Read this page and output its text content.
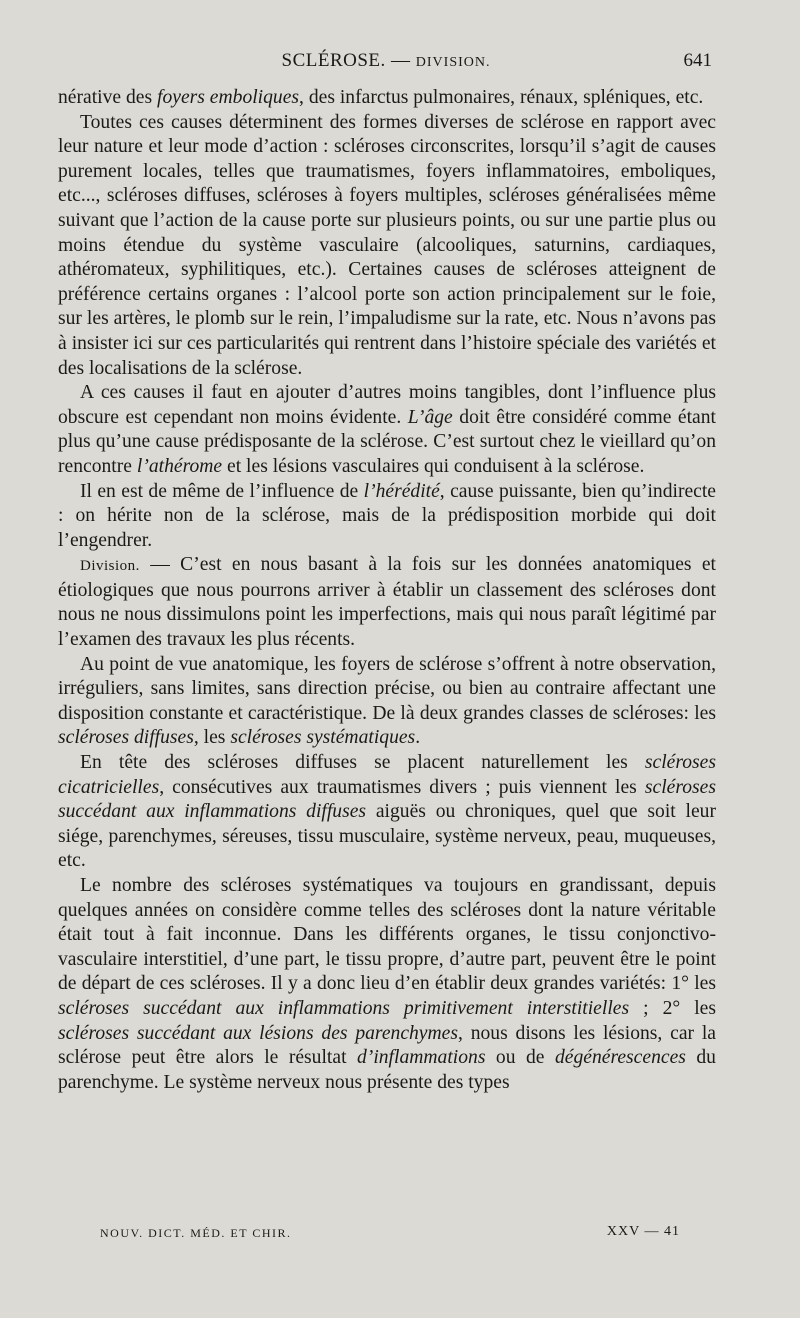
SCLÉROSE. — DIVISION.	641

nérative des foyers emboliques, des infarctus pulmonaires, rénaux, spléniques, etc.

Toutes ces causes déterminent des formes diverses de sclérose en rapport avec leur nature et leur mode d’action : scléroses circonscrites, lorsqu’il s’agit de causes purement locales, telles que traumatismes, foyers inflammatoires, emboliques, etc..., scléroses diffuses, scléroses à foyers multiples, scléroses généralisées même suivant que l’action de la cause porte sur plusieurs points, ou sur une partie plus ou moins étendue du système vasculaire (alcooliques, saturnins, cardiaques, athéromateux, syphilitiques, etc.). Certaines causes de scléroses atteignent de préférence certains organes : l’alcool porte son action principalement sur le foie, sur les artères, le plomb sur le rein, l’impaludisme sur la rate, etc. Nous n’avons pas à insister ici sur ces particularités qui rentrent dans l’histoire spéciale des variétés et des localisations de la sclérose.

A ces causes il faut en ajouter d’autres moins tangibles, dont l’influence plus obscure est cependant non moins évidente. L’âge doit être considéré comme étant plus qu’une cause prédisposante de la sclérose. C’est surtout chez le vieillard qu’on rencontre l’athérome et les lésions vasculaires qui conduisent à la sclérose.

Il en est de même de l’influence de l’hérédité, cause puissante, bien qu’indirecte : on hérite non de la sclérose, mais de la prédisposition morbide qui doit l’engendrer.

Division. — C’est en nous basant à la fois sur les données anatomiques et étiologiques que nous pourrons arriver à établir un classement des scléroses dont nous ne nous dissimulons point les imperfections, mais qui nous paraît légitimé par l’examen des travaux les plus récents.

Au point de vue anatomique, les foyers de sclérose s’offrent à notre observation, irréguliers, sans limites, sans direction précise, ou bien au contraire affectant une disposition constante et caractéristique. De là deux grandes classes de scléroses: les scléroses diffuses, les scléroses systématiques.

En tête des scléroses diffuses se placent naturellement les scléroses cicatricielles, consécutives aux traumatismes divers ; puis viennent les scléroses succédant aux inflammations diffuses aiguës ou chroniques, quel que soit leur siége, parenchymes, séreuses, tissu musculaire, système nerveux, peau, muqueuses, etc.

Le nombre des scléroses systématiques va toujours en grandissant, depuis quelques années on considère comme telles des scléroses dont la nature véritable était tout à fait inconnue. Dans les différents organes, le tissu conjonctivo-vasculaire interstitiel, d’une part, le tissu propre, d’autre part, peuvent être le point de départ de ces scléroses. Il y a donc lieu d’en établir deux grandes variétés: 1° les scléroses succédant aux inflammations primitivement interstitielles ; 2° les scléroses succédant aux lésions des parenchymes, nous disons les lésions, car la sclérose peut être alors le résultat d’inflammations ou de dégénérescences du parenchyme. Le système nerveux nous présente des types

NOUV. DICT. MÉD. ET CHIR.	XXV — 41
